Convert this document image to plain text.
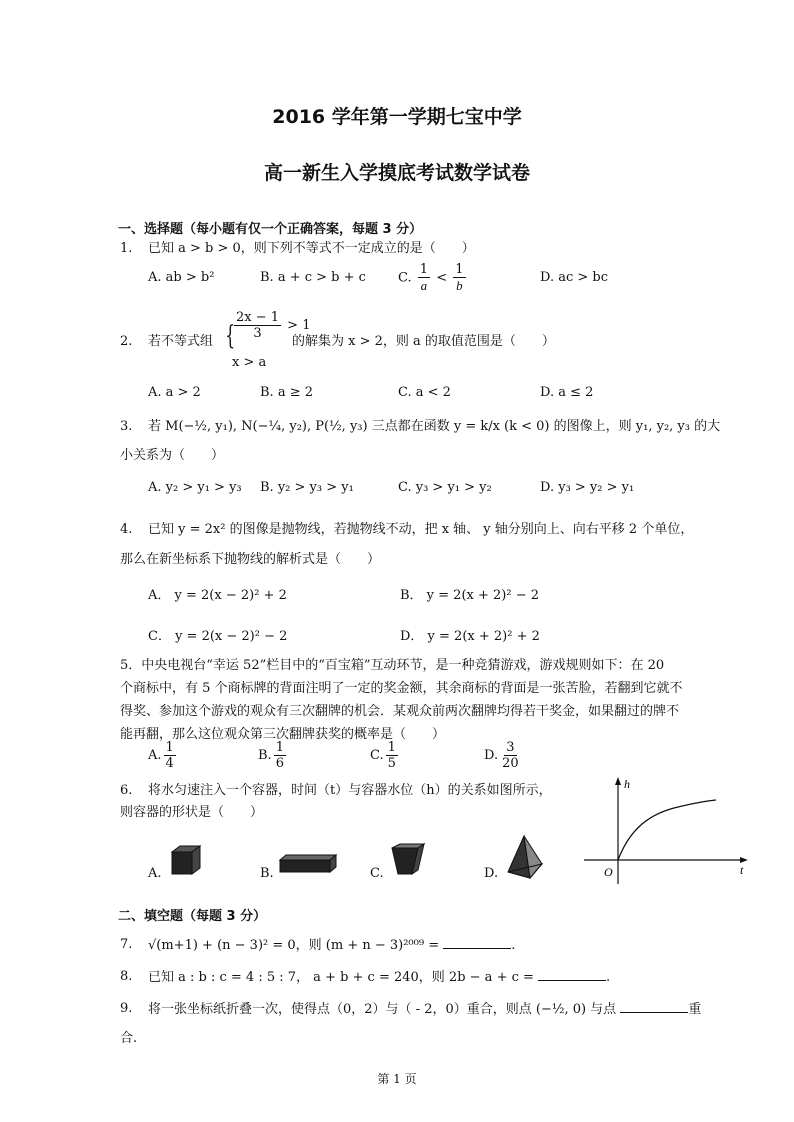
2016 学年第一学期七宝中学
高一新生入学摸底考试数学试卷
一、选择题（每小题有仅一个正确答案，每题 3 分）
1. 已知 a > b > 0，则下列不等式不一定成立的是（　　）
A. ab > b²	B. a + c > b + c C. $\frac{1}{a} < \frac{1}{b}$	D. ac > bc
2. 若不等式组 {
$\frac{2x - 1}{3} > 1$
x > a
的解集为 x > 2，则 a 的取值范围是（　　）
A. a > 2	B. a ≥ 2	C. a < 2	D. a ≤ 2
3. 若 M(−½, y₁), N(−¼, y₂), P(½, y₃) 三点都在函数 y = k/x (k < 0) 的图像上，则 y₁, y₂, y₃ 的大
小关系为（　　）
A. y₂ > y₁ > y₃ B. y₂ > y₃ > y₁	C. y₃ > y₁ > y₂	D. y₃ > y₂ > y₁
4. 已知 y = 2x² 的图像是抛物线，若抛物线不动，把 x 轴、 y 轴分别向上、向右平移 2 个单位，
那么在新坐标系下抛物线的解析式是（　　）
A． y = 2(x − 2)² + 2	B． y = 2(x + 2)² − 2
C． y = 2(x − 2)² − 2	D． y = 2(x + 2)² + 2
5．中央电视台“幸运 52”栏目中的“百宝箱”互动环节，是一种竞猜游戏，游戏规则如下：在 20
个商标中，有 5 个商标牌的背面注明了一定的奖金额，其余商标的背面是一张苦脸，若翻到它就不
得奖、参加这个游戏的观众有三次翻牌的机会．某观众前两次翻牌均得若干奖金，如果翻过的牌不
能再翻，那么这位观众第三次翻牌获奖的概率是（　　）
A. $\frac{1}{4}$	B. $\frac{1}{6}$	C. $\frac{1}{5}$	D. $\frac{3}{20}$
6. 将水匀速注入一个容器，时间（t）与容器水位（h）的关系如图所示，
则容器的形状是（　　）
A.	B.	C.	D.
h
t
O
二、填空题（每题 3 分）
7. √(m+1) + (n − 3)² = 0，则 (m + n − 3)²⁰⁰⁹ =	.
8. 已知 a : b : c = 4 : 5 : 7， a + b + c = 240，则 2b − a + c =	.
9. 将一张坐标纸折叠一次，使得点（0，2）与（ - 2，0）重合，则点 (−½, 0) 与点	重
合.
第 1 页
